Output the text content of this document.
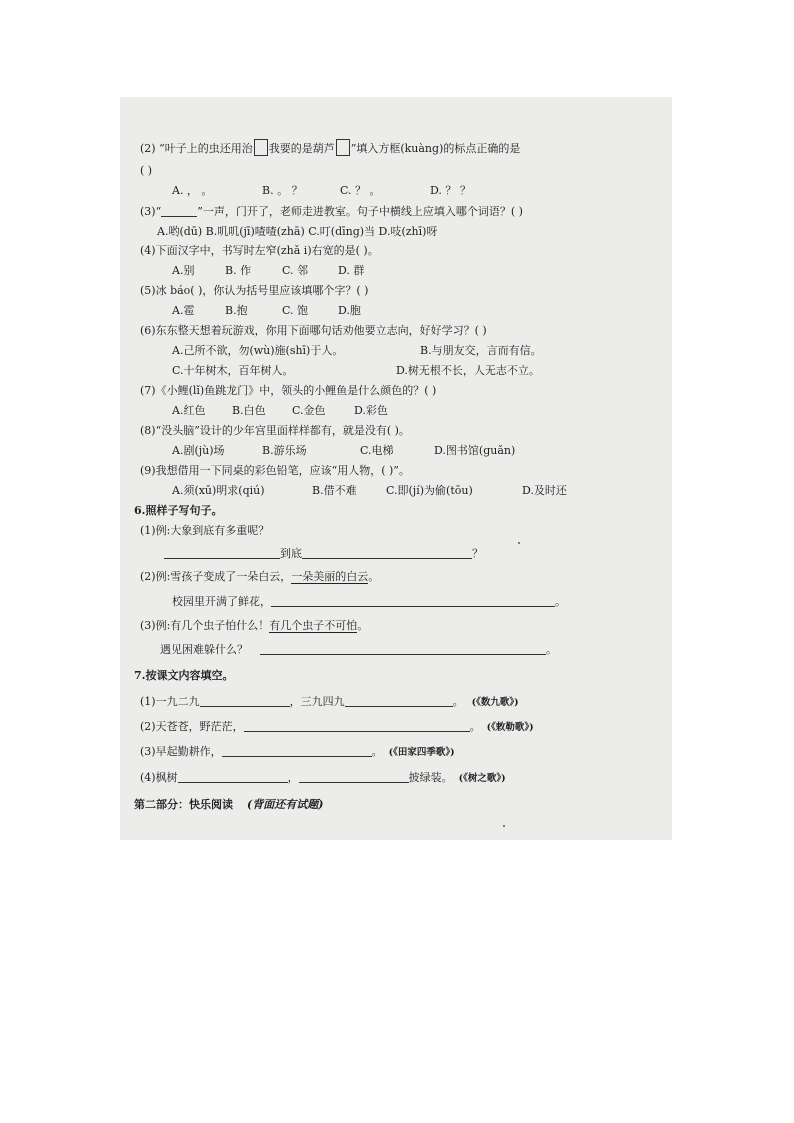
(2) “叶子上的虫还用治 我要的是葫芦 ”填入方框(kuàng)的标点正确的是
( )
A. ， 。	B. 。 ？	C. ？ 。	D. ？ ？
(3)“	”一声，门开了，老师走进教室。句子中横线上应填入哪个词语？( )
A.哟(dū) B.叽叽(jī)喳喳(zhā) C.叮(dīng)当 D.吱(zhī)呀
(4)下面汉字中，书写时左窄(zhǎ i)右宽的是( )。
A.别	B. 作	C. 邻	D. 群
(5)冰 báo( )，你认为括号里应该填哪个字？( )
A.雹	B.抱	C. 饱	D.胞
(6)东东整天想着玩游戏，你用下面哪句话劝他要立志向，好好学习？( )
A.己所不欲，勿(wù)施(shī)于人。	B.与朋友交，言而有信。
C.十年树木，百年树人。	D.树无根不长，人无志不立。
(7)《小鲤(lǐ)鱼跳龙门》中，领头的小鲤鱼是什么颜色的？( )
A.红色 B.白色 C.金色	D.彩色
(8)“没头脑”设计的少年宫里面样样都有，就是没有( )。
A.剧(jù)场	B.游乐场	C.电梯	D.图书馆(guǎn)
(9)我想借用一下同桌的彩色铅笔，应该“用人物，( )”。
A.须(xū)明求(qiú)	B.借不难	C.即(jí)为偷(tōu)	D.及时还
6.照样子写句子。
(1)例:大象到底有多重呢？
到底	？
(2)例:雪孩子变成了一朵白云，一朵美丽的白云。
校园里开满了鲜花，	。
(3)例:有几个虫子怕什么！有几个虫子不可怕。
遇见困难躲什么？	。
7.按课文内容填空。
(1)一九二九	，三九四九	。 (《数九歌》)
(2)天苍苍，野茫茫，	。 (《敕勒歌》)
(3)早起勤耕作，	。 (《田家四季歌》)
(4)枫树	，	披绿装。 (《树之歌》)
第二部分：快乐阅读 (背面还有试题)
